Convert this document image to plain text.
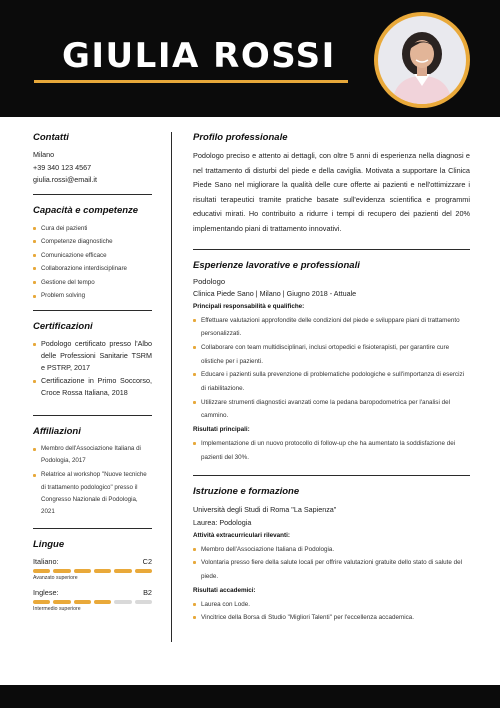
GIULIA ROSSI
Contatti
Milano
+39 340 123 4567
giulia.rossi@email.it
Capacità e competenze
Cura dei pazienti
Competenze diagnostiche
Comunicazione efficace
Collaborazione interdisciplinare
Gestione del tempo
Problem solving
Certificazioni
Podologo certificato presso l'Albo delle Professioni Sanitarie TSRM e PSTRP, 2017
Certificazione in Primo Soccorso, Croce Rossa Italiana, 2018
Affiliazioni
Membro dell'Associazione Italiana di Podologia, 2017
Relatrice al workshop "Nuove tecniche di trattamento podologico" presso il Congresso Nazionale di Podologia, 2021
Lingue
Italiano:	C2
Avanzato superiore
Inglese:	B2
Intermedio superiore
Profilo professionale
Podologo preciso e attento ai dettagli, con oltre 5 anni di esperienza nella diagnosi e nel trattamento di disturbi del piede e della caviglia. Motivata a supportare la Clinica Piede Sano nel migliorare la qualità delle cure offerte ai pazienti e nell'ottimizzare i risultati terapeutici tramite pratiche basate sull'evidenza scientifica e programmi educativi mirati. Ho contribuito a ridurre i tempi di recupero dei pazienti del 20% implementando piani di trattamento innovativi.
Esperienze lavorative e professionali
Podologo
Clinica Piede Sano | Milano | Giugno 2018 - Attuale
Principali responsabilità e qualifiche:
Effettuare valutazioni approfondite delle condizioni del piede e sviluppare piani di trattamento personalizzati.
Collaborare con team multidisciplinari, inclusi ortopedici e fisioterapisti, per garantire cure olistiche per i pazienti.
Educare i pazienti sulla prevenzione di problematiche podologiche e sull'importanza di esercizi di riabilitazione.
Utilizzare strumenti diagnostici avanzati come la pedana baropodometrica per l'analisi del cammino.
Risultati principali:
Implementazione di un nuovo protocollo di follow-up che ha aumentato la soddisfazione dei pazienti del 30%.
Istruzione e formazione
Università degli Studi di Roma "La Sapienza"
Laurea: Podologia
Attività extracurriculari rilevanti:
Membro dell'Associazione Italiana di Podologia.
Volontaria presso fiere della salute locali per offrire valutazioni gratuite dello stato di salute del piede.
Risultati accademici:
Laurea con Lode.
Vincitrice della Borsa di Studio "Migliori Talenti" per l'eccellenza accademica.
